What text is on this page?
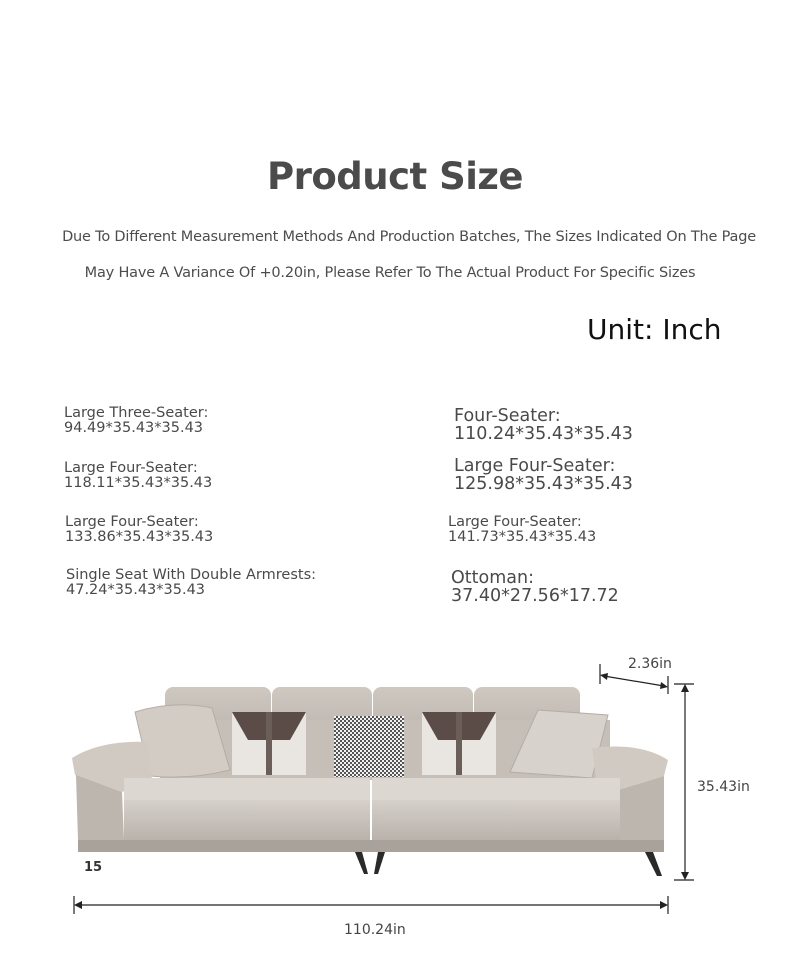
Product Size
Due To Different Measurement Methods And Production Batches, The Sizes Indicated On The Page
May Have A Variance Of +0.20in, Please Refer To The Actual Product For Specific Sizes
Unit: Inch
Large Three-Seater:
94.49*35.43*35.43
Four-Seater:
110.24*35.43*35.43
Large Four-Seater:
118.11*35.43*35.43
Large Four-Seater:
125.98*35.43*35.43
Large Four-Seater:
133.86*35.43*35.43
Large Four-Seater:
141.73*35.43*35.43
Single Seat With Double Armrests:
47.24*35.43*35.43
Ottoman:
37.40*27.56*17.72
2.36in
35.43in
110.24in
15
